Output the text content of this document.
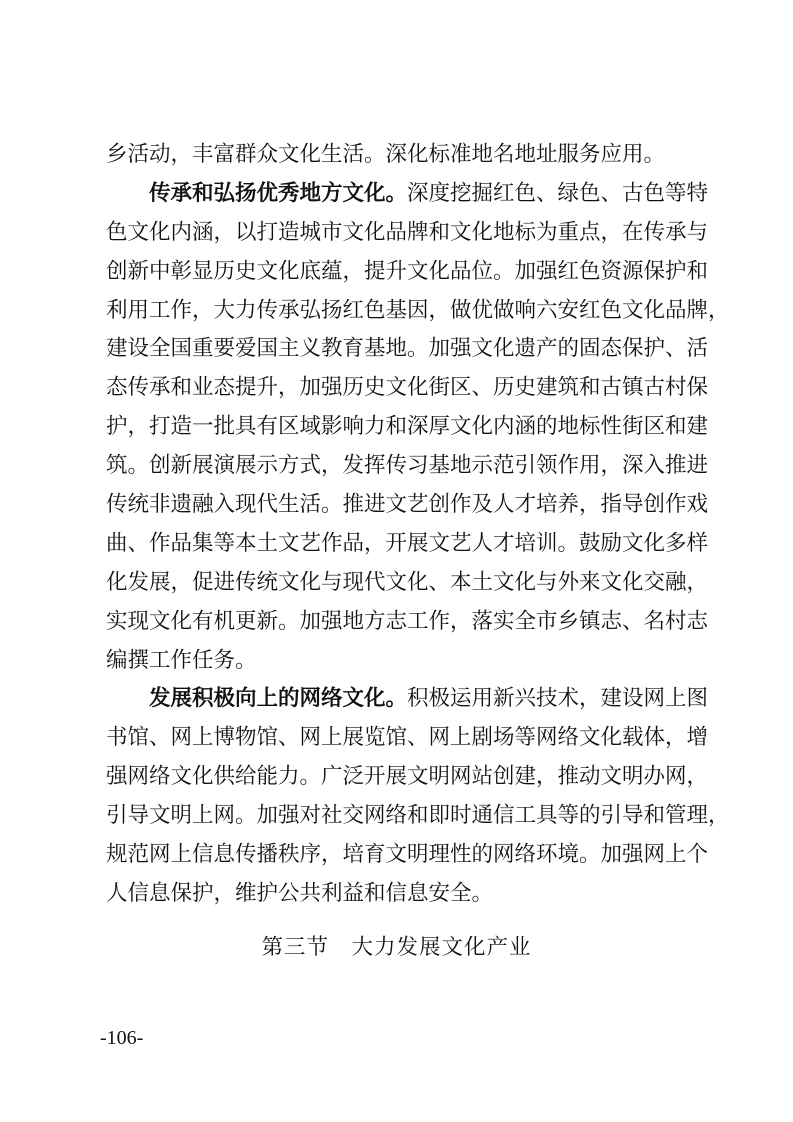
乡活动，丰富群众文化生活。深化标准地名地址服务应用。
传承和弘扬优秀地方文化。深度挖掘红色、绿色、古色等特
色文化内涵，以打造城市文化品牌和文化地标为重点，在传承与
创新中彰显历史文化底蕴，提升文化品位。加强红色资源保护和
利用工作，大力传承弘扬红色基因，做优做响六安红色文化品牌，
建设全国重要爱国主义教育基地。加强文化遗产的固态保护、活
态传承和业态提升，加强历史文化街区、历史建筑和古镇古村保
护，打造一批具有区域影响力和深厚文化内涵的地标性街区和建
筑。创新展演展示方式，发挥传习基地示范引领作用，深入推进
传统非遗融入现代生活。推进文艺创作及人才培养，指导创作戏
曲、作品集等本土文艺作品，开展文艺人才培训。鼓励文化多样
化发展，促进传统文化与现代文化、本土文化与外来文化交融，
实现文化有机更新。加强地方志工作，落实全市乡镇志、名村志
编撰工作任务。
发展积极向上的网络文化。积极运用新兴技术，建设网上图
书馆、网上博物馆、网上展览馆、网上剧场等网络文化载体，增
强网络文化供给能力。广泛开展文明网站创建，推动文明办网，
引导文明上网。加强对社交网络和即时通信工具等的引导和管理，
规范网上信息传播秩序，培育文明理性的网络环境。加强网上个
人信息保护，维护公共利益和信息安全。
第三节　大力发展文化产业
-106-
